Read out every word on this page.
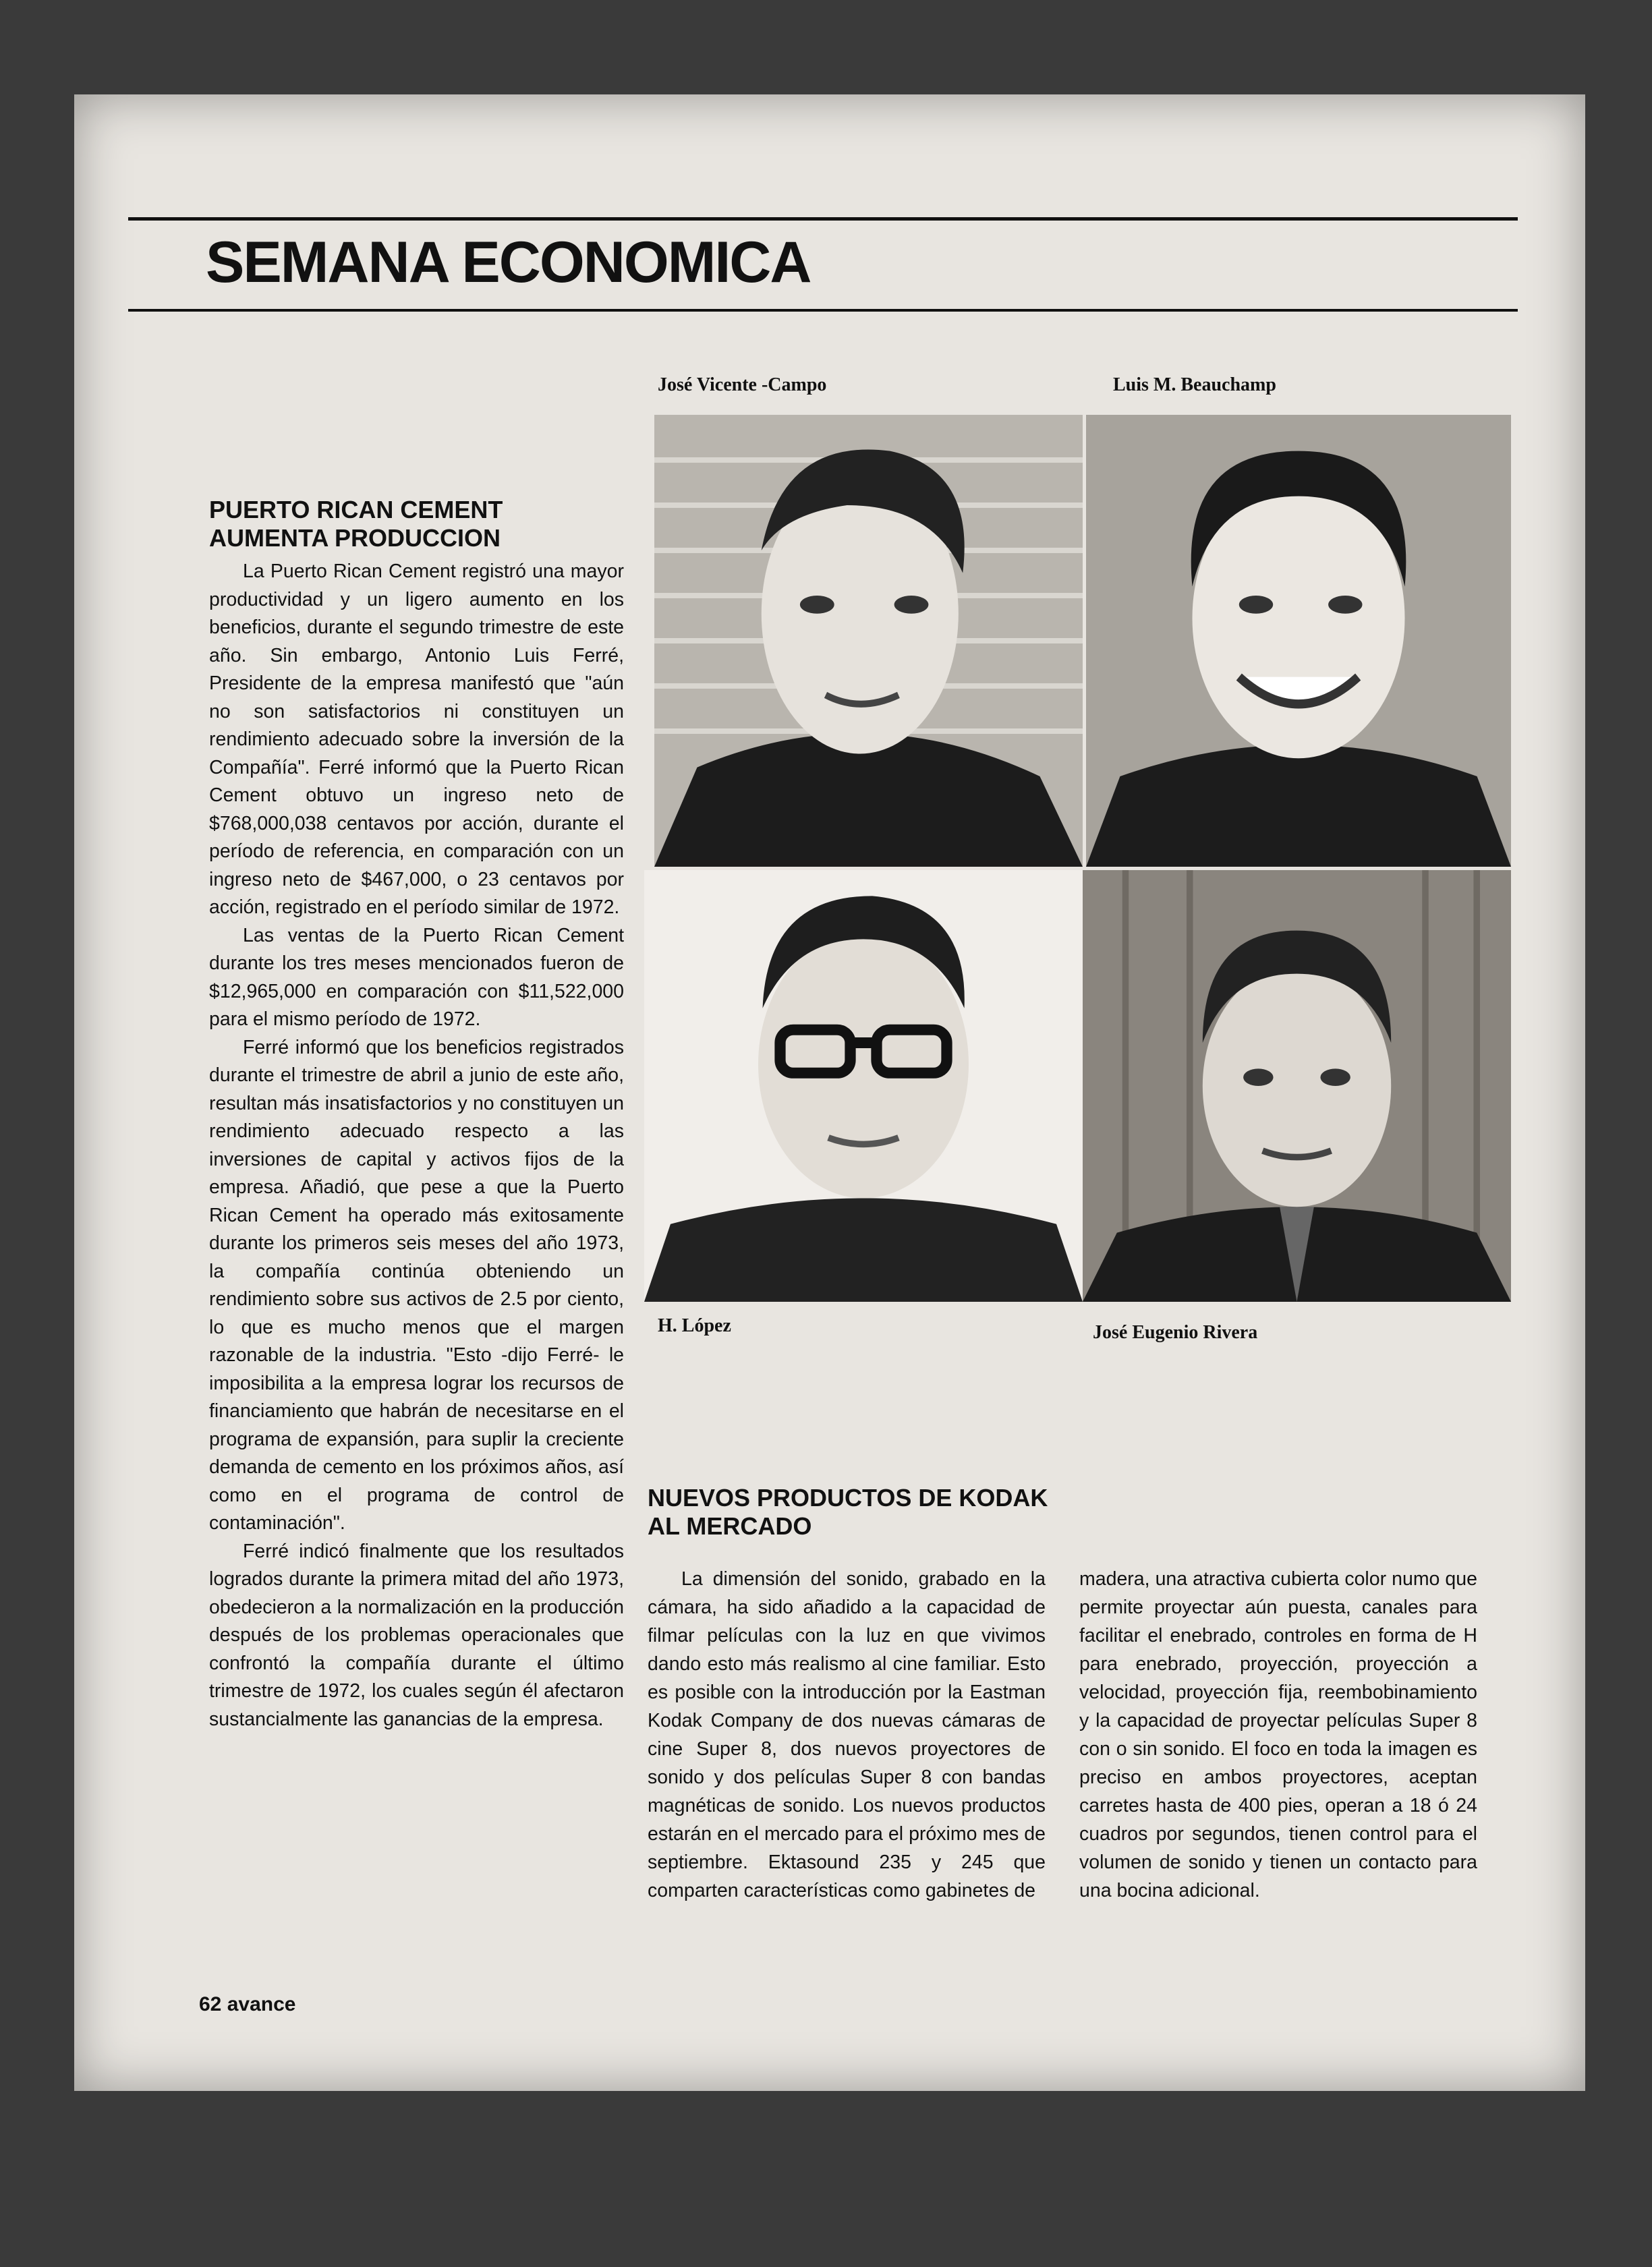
SEMANA ECONOMICA
José Vicente -Campo	Luis M. Beauchamp
H. López	José Eugenio Rivera
PUERTO RICAN CEMENT
AUMENTA PRODUCCION

La Puerto Rican Cement registró una mayor productividad y un ligero aumento en los beneficios, durante el segundo trimestre de este año. Sin embargo, Antonio Luis Ferré, Presidente de la empresa manifestó que "aún no son satisfactorios ni constituyen un rendimiento adecuado sobre la inversión de la Compañía". Ferré informó que la Puerto Rican Cement obtuvo un ingreso neto de $768,000,038 centavos por acción, durante el período de referencia, en comparación con un ingreso neto de $467,000, o 23 centavos por acción, registrado en el período similar de 1972.

Las ventas de la Puerto Rican Cement durante los tres meses mencionados fueron de $12,965,000 en comparación con $11,522,000 para el mismo período de 1972.

Ferré informó que los beneficios registrados durante el trimestre de abril a junio de este año, resultan más insatisfactorios y no constituyen un rendimiento adecuado respecto a las inversiones de capital y activos fijos de la empresa. Añadió, que pese a que la Puerto Rican Cement ha operado más exitosamente durante los primeros seis meses del año 1973, la compañía continúa obteniendo un rendimiento sobre sus activos de 2.5 por ciento, lo que es mucho menos que el margen razonable de la industria. "Esto -dijo Ferré- le imposibilita a la empresa lograr los recursos de financiamiento que habrán de necesitarse en el programa de expansión, para suplir la creciente demanda de cemento en los próximos años, así como en el programa de control de contaminación".

Ferré indicó finalmente que los resultados logrados durante la primera mitad del año 1973, obedecieron a la normalización en la producción después de los problemas operacionales que confrontó la compañía durante el último trimestre de 1972, los cuales según él afectaron sustancialmente las ganancias de la empresa.

NUEVOS PRODUCTOS DE KODAK
AL MERCADO

La dimensión del sonido, grabado en la cámara, ha sido añadido a la capacidad de filmar películas con la luz en que vivimos dando esto más realismo al cine familiar. Esto es posible con la introducción por la Eastman Kodak Company de dos nuevas cámaras de cine Super 8, dos nuevos proyectores de sonido y dos películas Super 8 con bandas magnéticas de sonido. Los nuevos productos estarán en el mercado para el próximo mes de septiembre. Ektasound 235 y 245 que comparten características como gabinetes de

madera, una atractiva cubierta color numo que permite proyectar aún puesta, canales para facilitar el enebrado, controles en forma de H para enebrado, proyección, proyección a velocidad, proyección fija, reembobinamiento y la capacidad de proyectar películas Super 8 con o sin sonido. El foco en toda la imagen es preciso en ambos proyectores, aceptan carretes hasta de 400 pies, operan a 18 ó 24 cuadros por segundos, tienen control para el volumen de sonido y tienen un contacto para una bocina adicional.

62 avance
